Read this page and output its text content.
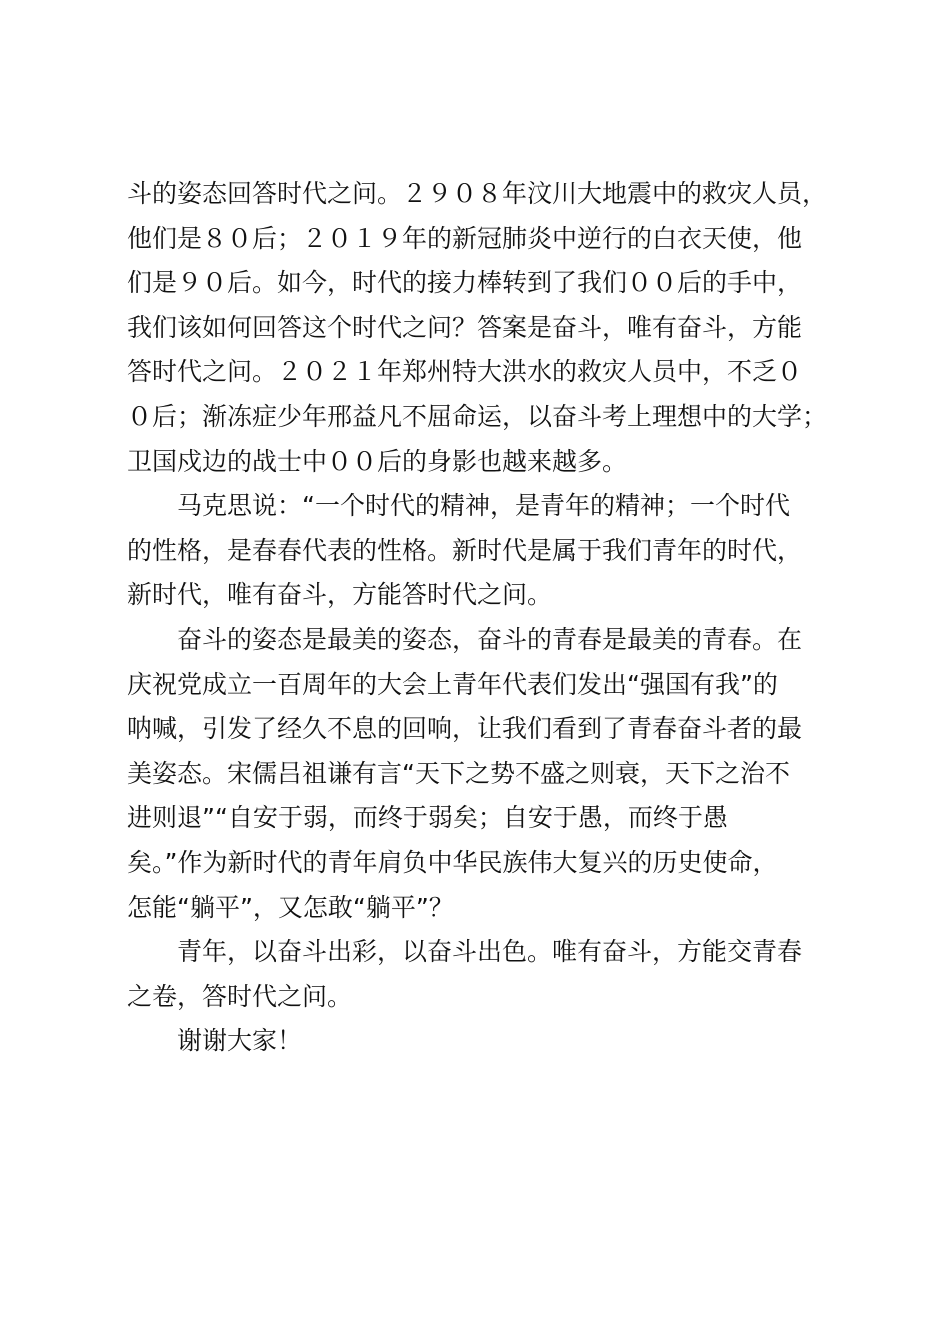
斗的姿态回答时代之问。２９０８年汶川大地震中的救灾人员，
他们是８０后；２０１９年的新冠肺炎中逆行的白衣天使，他
们是９０后。如今，时代的接力棒转到了我们００后的手中，
我们该如何回答这个时代之问？答案是奋斗，唯有奋斗，方能
答时代之问。２０２１年郑州特大洪水的救灾人员中，不乏０
０后；渐冻症少年邢益凡不屈命运，以奋斗考上理想中的大学；
卫国戍边的战士中００后的身影也越来越多。
马克思说：“一个时代的精神，是青年的精神；一个时代
的性格，是春春代表的性格。新时代是属于我们青年的时代，
新时代，唯有奋斗，方能答时代之问。
奋斗的姿态是最美的姿态，奋斗的青春是最美的青春。在
庆祝党成立一百周年的大会上青年代表们发出“强国有我”的
呐喊，引发了经久不息的回响，让我们看到了青春奋斗者的最
美姿态。宋儒吕祖谦有言“天下之势不盛之则衰，天下之治不
进则退”“自安于弱，而终于弱矣；自安于愚，而终于愚
矣。”作为新时代的青年肩负中华民族伟大复兴的历史使命，
怎能“躺平”，又怎敢“躺平”？
青年，以奋斗出彩，以奋斗出色。唯有奋斗，方能交青春
之卷，答时代之问。
谢谢大家！
